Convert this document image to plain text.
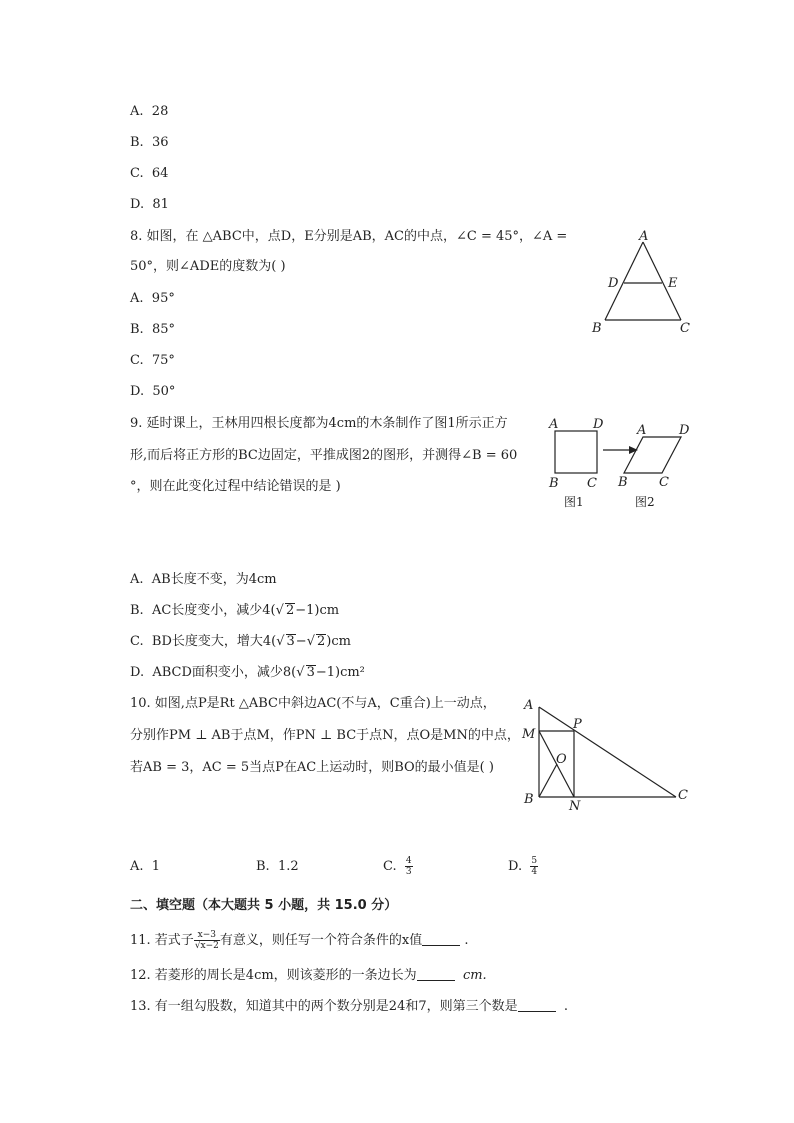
A. 28
B. 36
C. 64
D. 81
8. 如图，在 △ABC中，点D，E分别是AB，AC的中点，∠C = 45°，∠A =
50°，则∠ADE的度数为( )
A. 95°
B. 85°
C. 75°
D. 50°
A
D	E
B	C
9. 延时课上，王林用四根长度都为4cm的木条制作了图1所示正方
形,而后将正方形的BC边固定，平推成图2的图形，并测得∠B = 60
°，则在此变化过程中结论错误的是 )
A	D
B C
图1
A	D
B C
图2
A. AB长度不变，为4cm
B. AC长度变小，减少4(√ 2−1)cm
C. BD长度变大，增大4(√ 3−√ 2)cm
D. ABCD面积变小，减少8(√ 3−1)cm²
10. 如图,点P是Rt △ABC中斜边AC(不与A，C重合)上一动点，
分别作PM ⊥ AB于点M，作PN ⊥ BC于点N，点O是MN的中点，
若AB = 3，AC = 5当点P在AC上运动时，则BO的最小值是( )
A
P
M
O
B	N
C
A. 1	B. 1.2	C. $\frac{4}{3}$	D. $\frac{5}{4}$
二、填空题（本大题共 5 小题，共 15.0 分）
11. 若式子 $\frac{x-3}{√x-2}$ 有意义，则任写一个符合条件的x值	.
12. 若菱形的周长是4cm，则该菱形的一条边长为	cm.
13. 有一组勾股数，知道其中的两个数分别是24和7，则第三个数是	.
